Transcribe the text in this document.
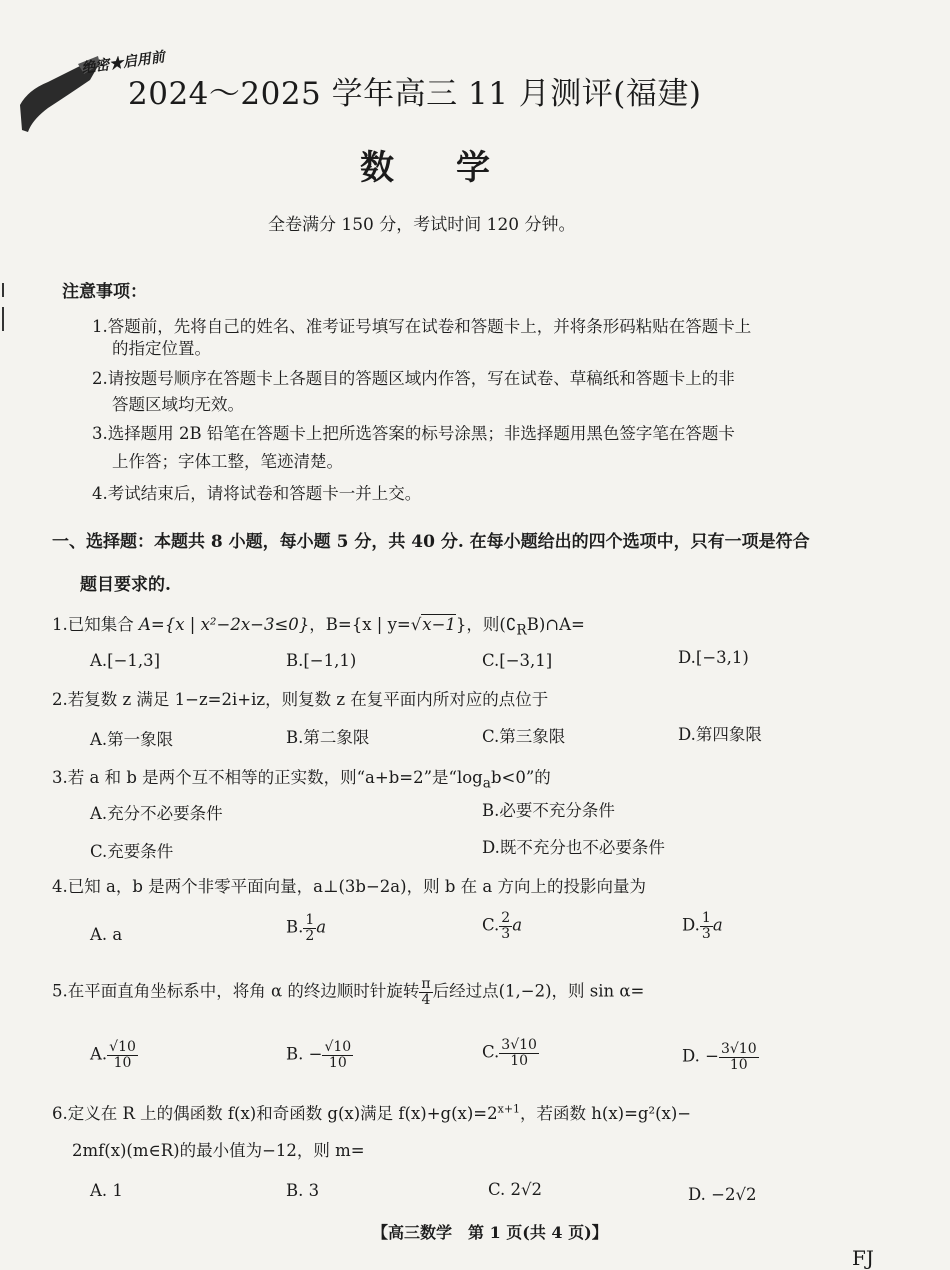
绝密★启用前
2024～2025 学年高三 11 月测评(福建)
数学
全卷满分 150 分，考试时间 120 分钟。
注意事项：
1.答题前，先将自己的姓名、准考证号填写在试卷和答题卡上，并将条形码粘贴在答题卡上
的指定位置。
2.请按题号顺序在答题卡上各题目的答题区域内作答，写在试卷、草稿纸和答题卡上的非
答题区域均无效。
3.选择题用 2B 铅笔在答题卡上把所选答案的标号涂黑；非选择题用黑色签字笔在答题卡
上作答；字体工整，笔迹清楚。
4.考试结束后，请将试卷和答题卡一并上交。
一、选择题：本题共 8 小题，每小题 5 分，共 40 分. 在每小题给出的四个选项中，只有一项是符合
题目要求的.
1.已知集合 A={x | x²−2x−3≤0}，B={x | y=√x−1}，则$(∁_RB)\cap A=$
A.[−1,3]	B.[−1,1)	C.[−3,1]	D.[−3,1)
2.若复数 z 满足 1−z=2i+iz，则复数 z 在复平面内所对应的点位于
A.第一象限	B.第二象限	C.第三象限	D.第四象限
3.若 a 和 b 是两个互不相等的正实数，则“a+b=2”是“$\log_ab<0$”的
A.充分不必要条件	B.必要不充分条件
C.充要条件	D.既不充分也不必要条件
4.已知 a，b 是两个非零平面向量，a⊥(3b−2a)，则 b 在 a 方向上的投影向量为
A. a	B. $\frac{1}{2}$ a	C. $\frac{2}{3}$ a	D. $\frac{1}{3}$ a
5.在平面直角坐标系中，将角 α 的终边顺时针旋转 $\frac{\pi}{4}$ 后经过点(1,−2)，则 sin α=
A. $\frac{√10}{10}$	B. − $\frac{√10}{10}$	C. $\frac{3√10}{10}$	D. − $\frac{3√10}{10}$
6.定义在 R 上的偶函数 f(x)和奇函数 g(x)满足 $f(x)+g(x)=2^{x+1}$，若函数 h(x)=g²(x)−
2mf(x)(m∈R)的最小值为−12，则 m=
A. 1	B. 3	C. 2√2	D. −2√2
【高三数学　第 1 页(共 4 页)】
FJ
